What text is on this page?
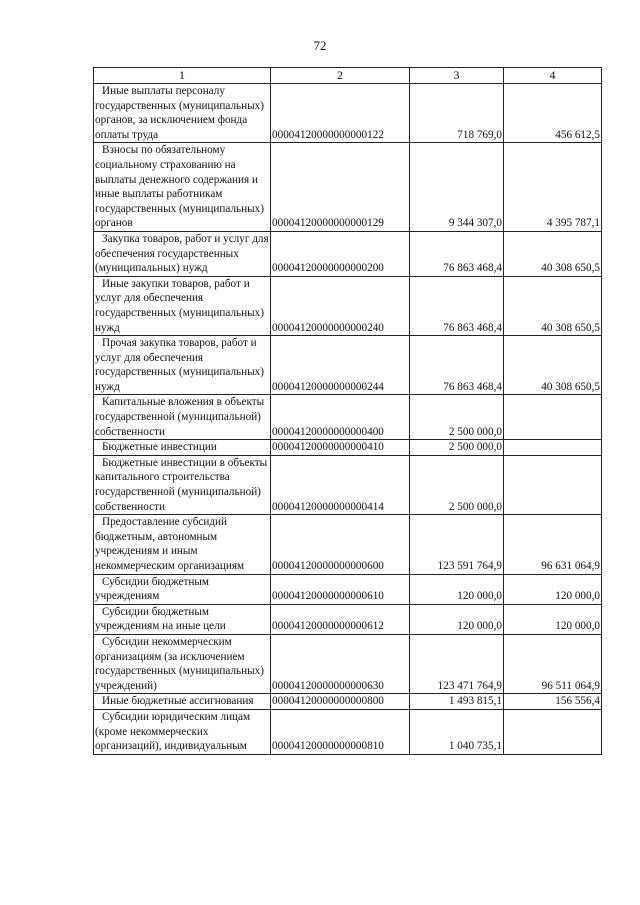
72
1	2	3	4

Иные выплаты персоналу государственных (муниципальных) органов, за исключением фонда оплаты труда	00004120000000000122	718 769,0	456 612,5

Взносы по обязательному социальному страхованию на выплаты денежного содержания и иные выплаты работникам государственных (муниципальных) органов	00004120000000000129	9 344 307,0	4 395 787,1

Закупка товаров, работ и услуг для обеспечения государственных (муниципальных) нужд	00004120000000000200	76 863 468,4	40 308 650,5

Иные закупки товаров, работ и услуг для обеспечения государственных (муниципальных) нужд	00004120000000000240	76 863 468,4	40 308 650,5

Прочая закупка товаров, работ и услуг для обеспечения государственных (муниципальных) нужд	00004120000000000244	76 863 468,4	40 308 650,5

Капитальные вложения в объекты государственной (муниципальной) собственности	00004120000000000400	2 500 000,0	

Бюджетные инвестиции	00004120000000000410	2 500 000,0	

Бюджетные инвестиции в объекты капитального строительства государственной (муниципальной) собственности	00004120000000000414	2 500 000,0	

Предоставление субсидий бюджетным, автономным учреждениям и иным некоммерческим организациям	00004120000000000600	123 591 764,9	96 631 064,9

Субсидии бюджетным учреждениям	00004120000000000610	120 000,0	120 000,0

Субсидии бюджетным учреждениям на иные цели	00004120000000000612	120 000,0	120 000,0

Субсидии некоммерческим организациям (за исключением государственных (муниципальных) учреждений)	00004120000000000630	123 471 764,9	96 511 064,9

Иные бюджетные ассигнования	00004120000000000800	1 493 815,1	156 556,4

Субсидии юридическим лицам (кроме некоммерческих организаций), индивидуальным	00004120000000000810	1 040 735,1	
